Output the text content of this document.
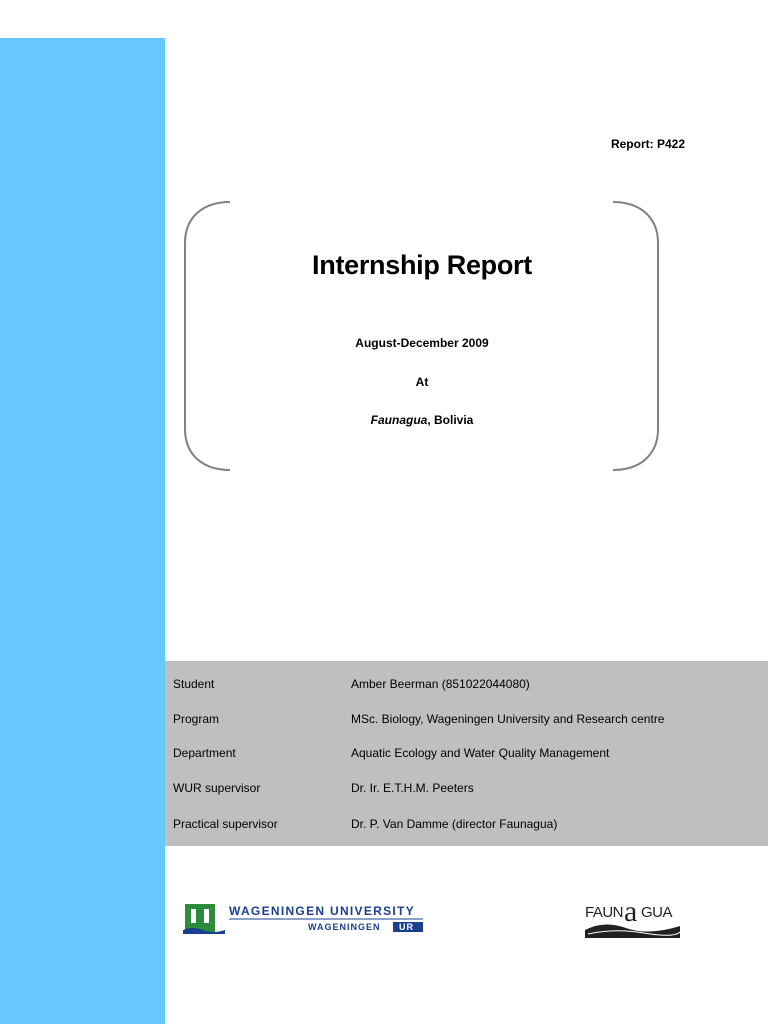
Report: P422
Internship Report
August-December 2009
At
Faunagua, Bolivia
Student	Amber Beerman (851022044080)
Program	MSc. Biology, Wageningen University and Research centre
Department	Aquatic Ecology and Water Quality Management
WUR supervisor	Dr. Ir. E.T.H.M. Peeters
Practical supervisor	Dr. P. Van Damme (director Faunagua)
WAGENINGEN UNIVERSITY
WAGENINGEN UR
FAUN a GUA
